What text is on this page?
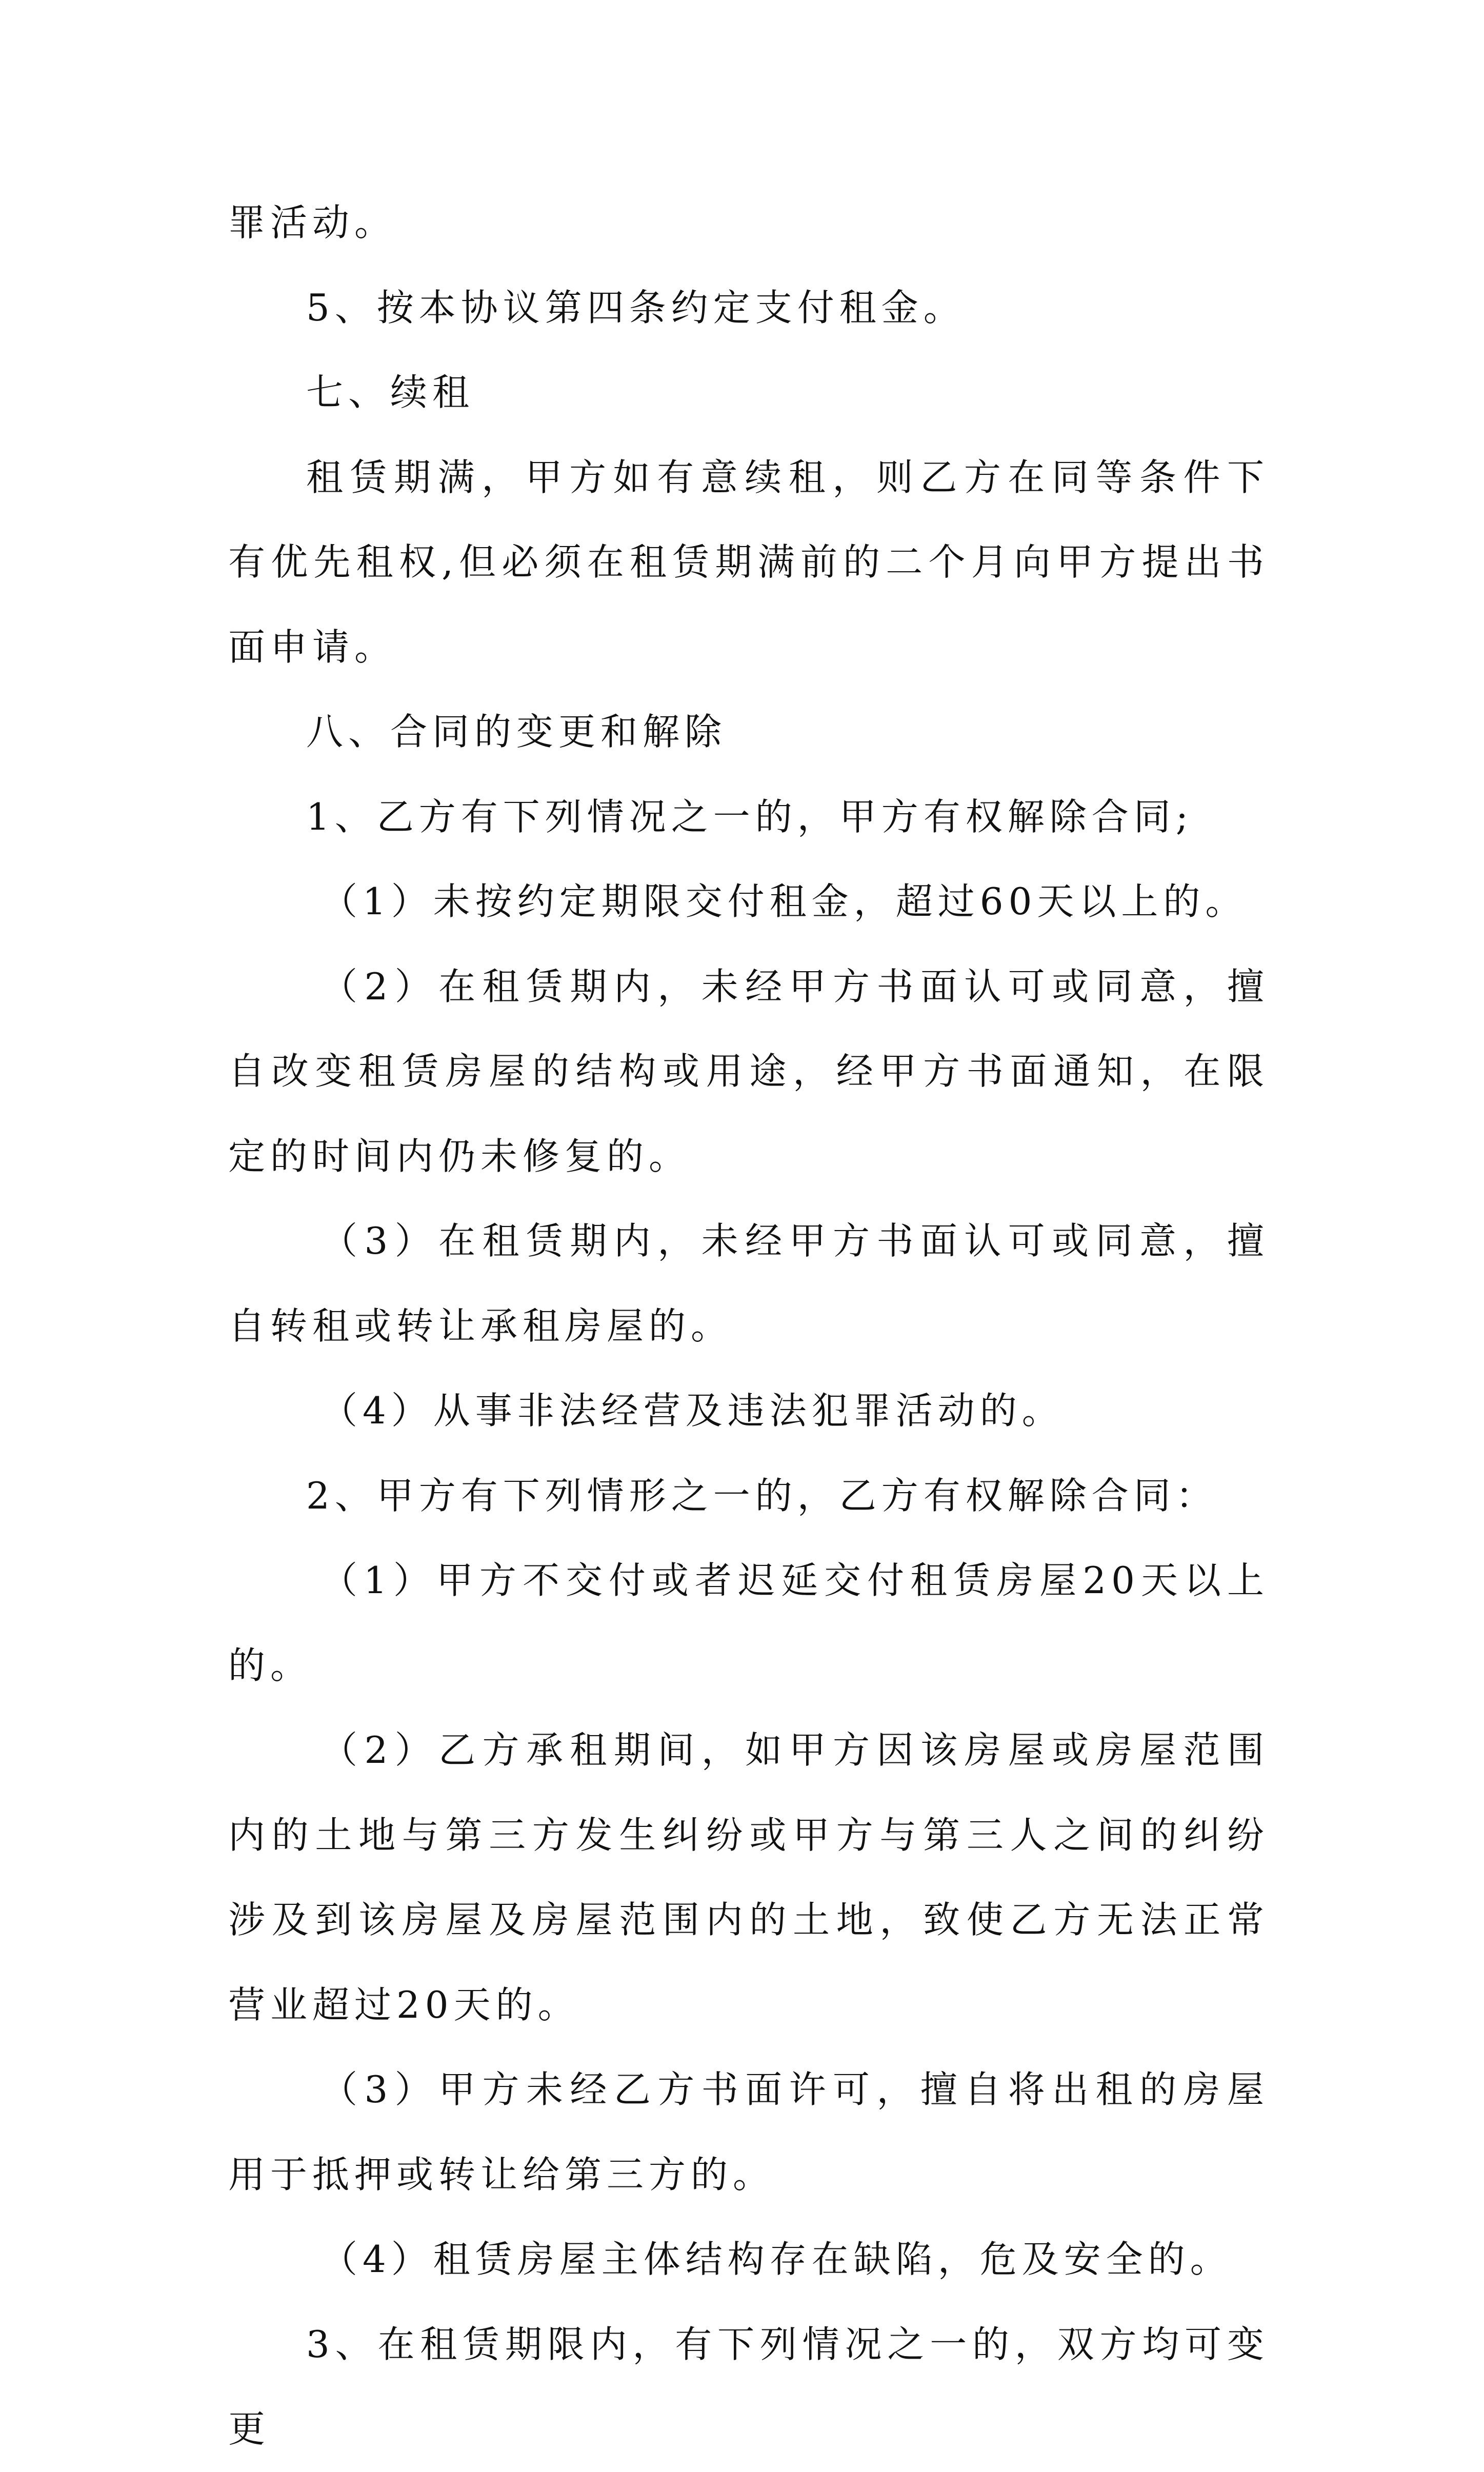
罪活动。

5、按本协议第四条约定支付租金。

七、续租

租赁期满，甲方如有意续租，则乙方在同等条件下有优先租权,但必须在租赁期满前的二个月向甲方提出书面申请。

八、合同的变更和解除

1、乙方有下列情况之一的，甲方有权解除合同;

（1）未按约定期限交付租金，超过60天以上的。

（2）在租赁期内，未经甲方书面认可或同意，擅自改变租赁房屋的结构或用途，经甲方书面通知，在限定的时间内仍未修复的。

（3）在租赁期内，未经甲方书面认可或同意，擅自转租或转让承租房屋的。

（4）从事非法经营及违法犯罪活动的。

2、甲方有下列情形之一的，乙方有权解除合同：

（1）甲方不交付或者迟延交付租赁房屋20天以上的。

（2）乙方承租期间，如甲方因该房屋或房屋范围内的土地与第三方发生纠纷或甲方与第三人之间的纠纷涉及到该房屋及房屋范围内的土地，致使乙方无法正常营业超过20天的。

（3）甲方未经乙方书面许可，擅自将出租的房屋用于抵押或转让给第三方的。

（4）租赁房屋主体结构存在缺陷，危及安全的。

3、在租赁期限内，有下列情况之一的，双方均可变更
